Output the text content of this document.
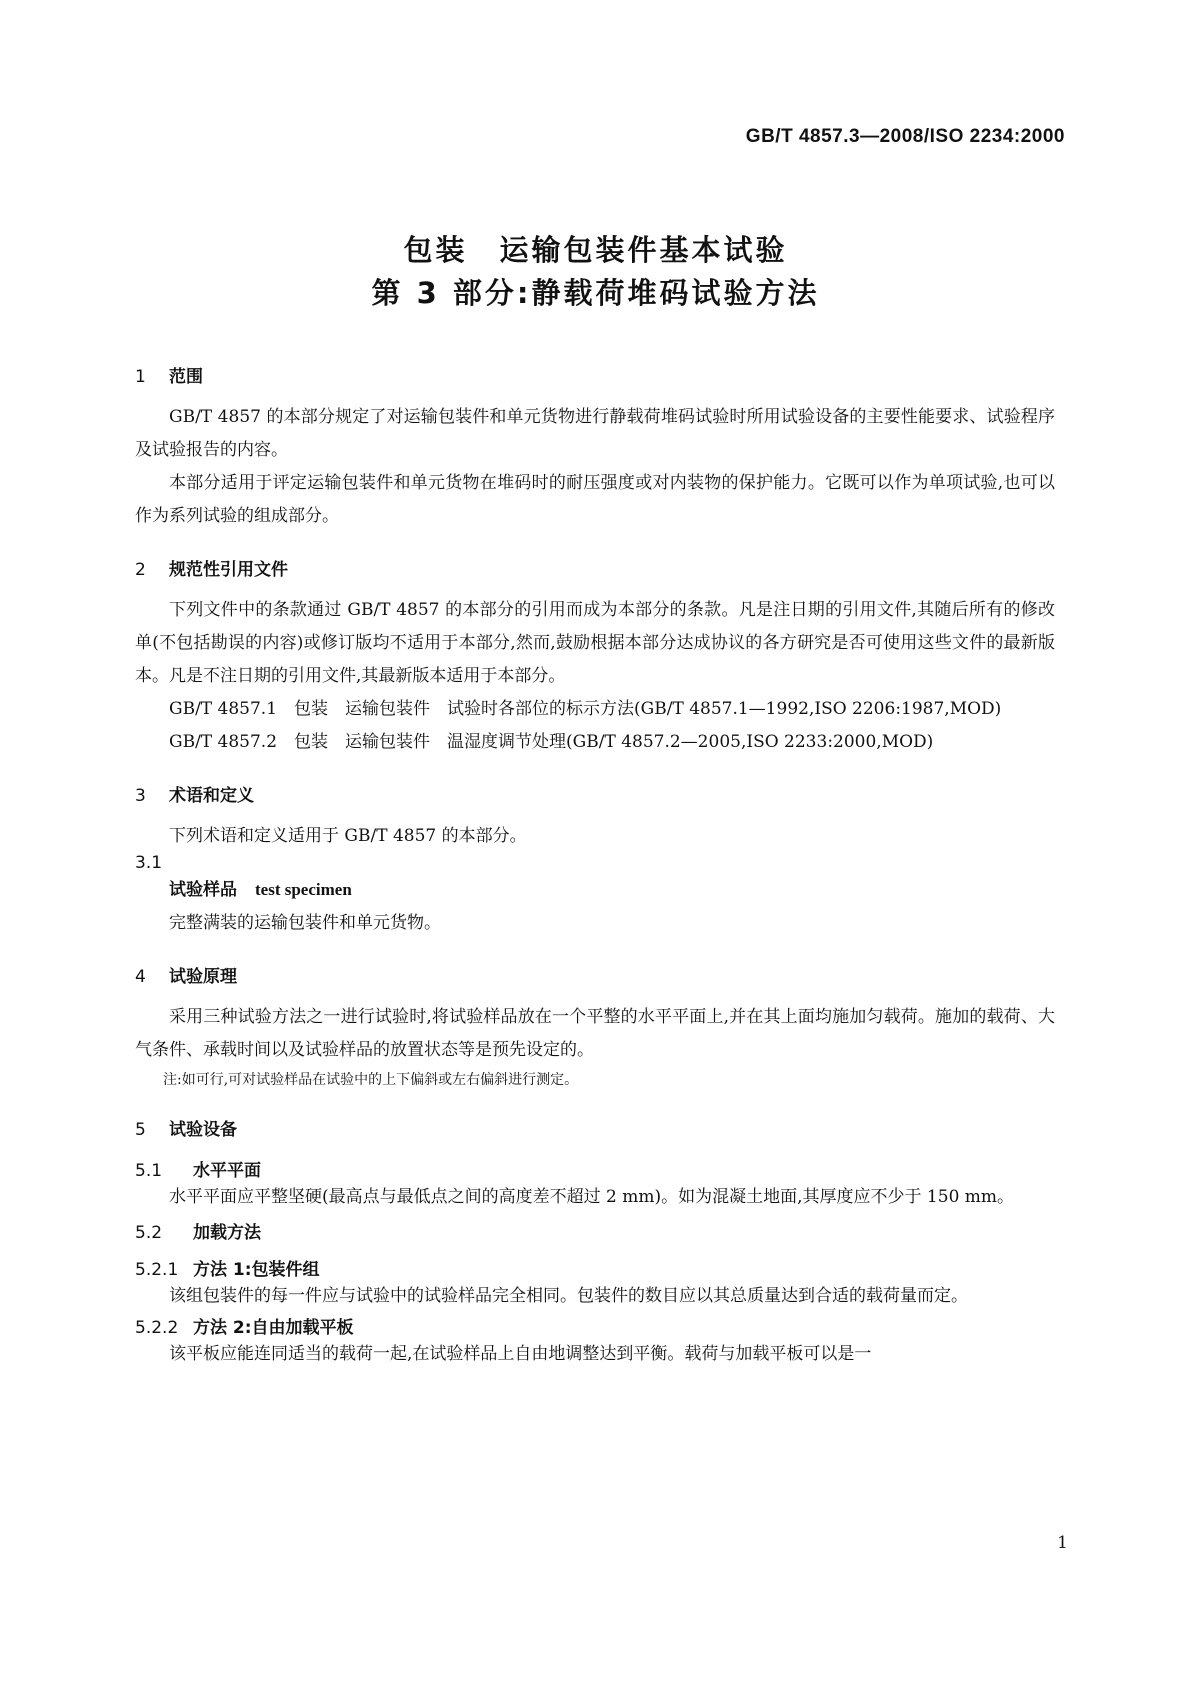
GB/T 4857.3—2008/ISO 2234:2000
包装　运输包装件基本试验
第 3 部分:静载荷堆码试验方法
1 范围

GB/T 4857 的本部分规定了对运输包装件和单元货物进行静载荷堆码试验时所用试验设备的主要性能要求、试验程序及试验报告的内容。

本部分适用于评定运输包装件和单元货物在堆码时的耐压强度或对内装物的保护能力。它既可以作为单项试验,也可以作为系列试验的组成部分。

2 规范性引用文件

下列文件中的条款通过 GB/T 4857 的本部分的引用而成为本部分的条款。凡是注日期的引用文件,其随后所有的修改单(不包括勘误的内容)或修订版均不适用于本部分,然而,鼓励根据本部分达成协议的各方研究是否可使用这些文件的最新版本。凡是不注日期的引用文件,其最新版本适用于本部分。

GB/T 4857.1　包装　运输包装件　试验时各部位的标示方法(GB/T 4857.1—1992,ISO 2206:1987,MOD)

GB/T 4857.2　包装　运输包装件　温湿度调节处理(GB/T 4857.2—2005,ISO 2233:2000,MOD)

3 术语和定义

下列术语和定义适用于 GB/T 4857 的本部分。

3.1
试验样品 test specimen

完整满装的运输包装件和单元货物。

4 试验原理

采用三种试验方法之一进行试验时,将试验样品放在一个平整的水平平面上,并在其上面均施加匀载荷。施加的载荷、大气条件、承载时间以及试验样品的放置状态等是预先设定的。

注:如可行,可对试验样品在试验中的上下偏斜或左右偏斜进行测定。
5 试验设备
5.1 水平平面

水平平面应平整坚硬(最高点与最低点之间的高度差不超过 2 mm)。如为混凝土地面,其厚度应不少于 150 mm。

5.2 加载方法
5.2.1 方法 1:包装件组

该组包装件的每一件应与试验中的试验样品完全相同。包装件的数目应以其总质量达到合适的载荷量而定。

5.2.2 方法 2:自由加载平板

该平板应能连同适当的载荷一起,在试验样品上自由地调整达到平衡。载荷与加载平板可以是一

1
